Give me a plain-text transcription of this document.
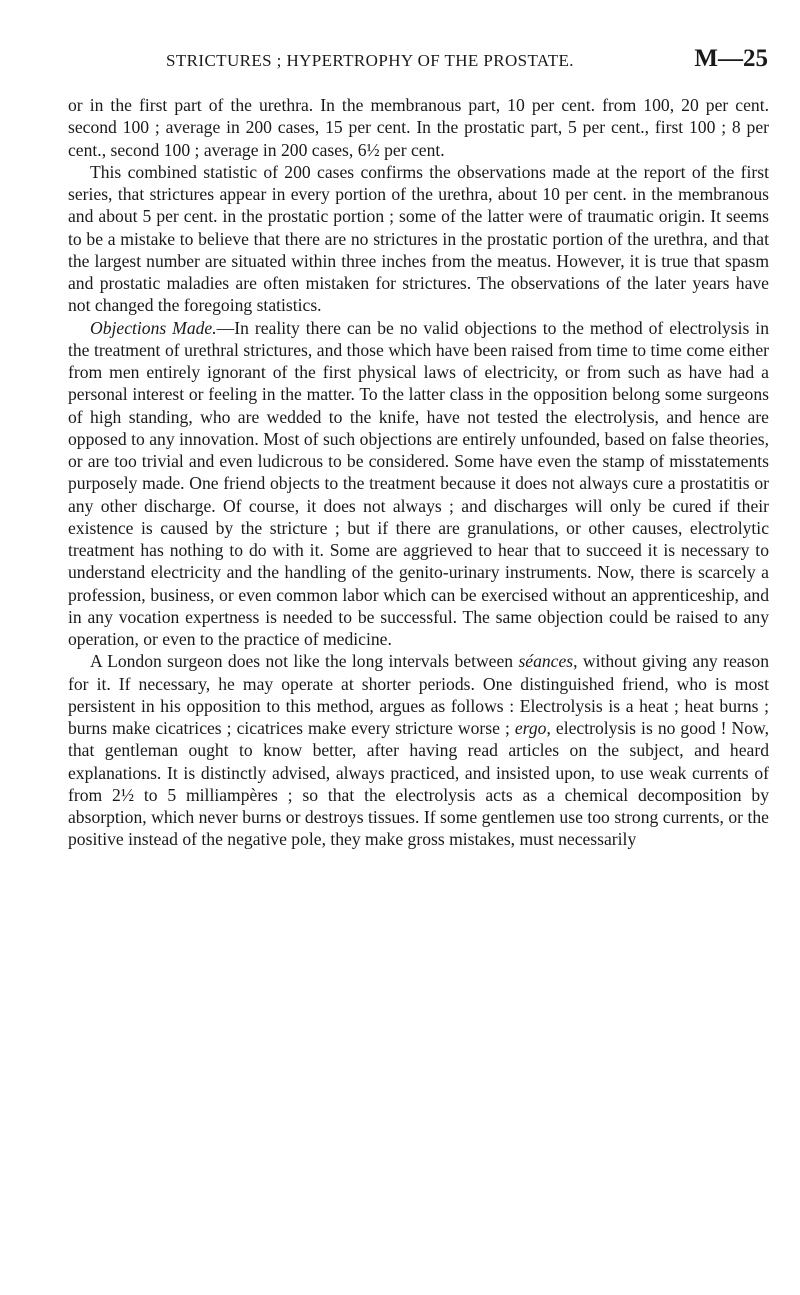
STRICTURES ; HYPERTROPHY OF THE PROSTATE.	M—25

or in the first part of the urethra. In the membranous part, 10 per cent. from 100, 20 per cent. second 100 ; average in 200 cases, 15 per cent. In the prostatic part, 5 per cent., first 100 ; 8 per cent., second 100 ; average in 200 cases, 6½ per cent.

This combined statistic of 200 cases confirms the observations made at the report of the first series, that strictures appear in every portion of the urethra, about 10 per cent. in the membranous and about 5 per cent. in the prostatic portion ; some of the latter were of traumatic origin. It seems to be a mistake to believe that there are no strictures in the prostatic portion of the urethra, and that the largest number are situated within three inches from the meatus. However, it is true that spasm and prostatic maladies are often mistaken for strictures. The observations of the later years have not changed the foregoing statistics.

Objections Made.—In reality there can be no valid objections to the method of electrolysis in the treatment of urethral strictures, and those which have been raised from time to time come either from men entirely ignorant of the first physical laws of electricity, or from such as have had a personal interest or feeling in the matter. To the latter class in the opposition belong some surgeons of high standing, who are wedded to the knife, have not tested the electrolysis, and hence are opposed to any innovation. Most of such objections are entirely unfounded, based on false theories, or are too trivial and even ludicrous to be considered. Some have even the stamp of misstatements purposely made. One friend objects to the treatment because it does not always cure a prostatitis or any other discharge. Of course, it does not always ; and discharges will only be cured if their existence is caused by the stricture ; but if there are granulations, or other causes, electrolytic treatment has nothing to do with it. Some are aggrieved to hear that to succeed it is necessary to understand electricity and the handling of the genito-urinary instruments. Now, there is scarcely a profession, business, or even common labor which can be exercised without an apprenticeship, and in any vocation expertness is needed to be successful. The same objection could be raised to any operation, or even to the practice of medicine.

A London surgeon does not like the long intervals between séances, without giving any reason for it. If necessary, he may operate at shorter periods. One distinguished friend, who is most persistent in his opposition to this method, argues as follows : Electrolysis is a heat ; heat burns ; burns make cicatrices ; cicatrices make every stricture worse ; ergo, electrolysis is no good ! Now, that gentleman ought to know better, after having read articles on the subject, and heard explanations. It is distinctly advised, always practiced, and insisted upon, to use weak currents of from 2½ to 5 milliampères ; so that the electrolysis acts as a chemical decomposition by absorption, which never burns or destroys tissues. If some gentlemen use too strong currents, or the positive instead of the negative pole, they make gross mistakes, must necessarily
